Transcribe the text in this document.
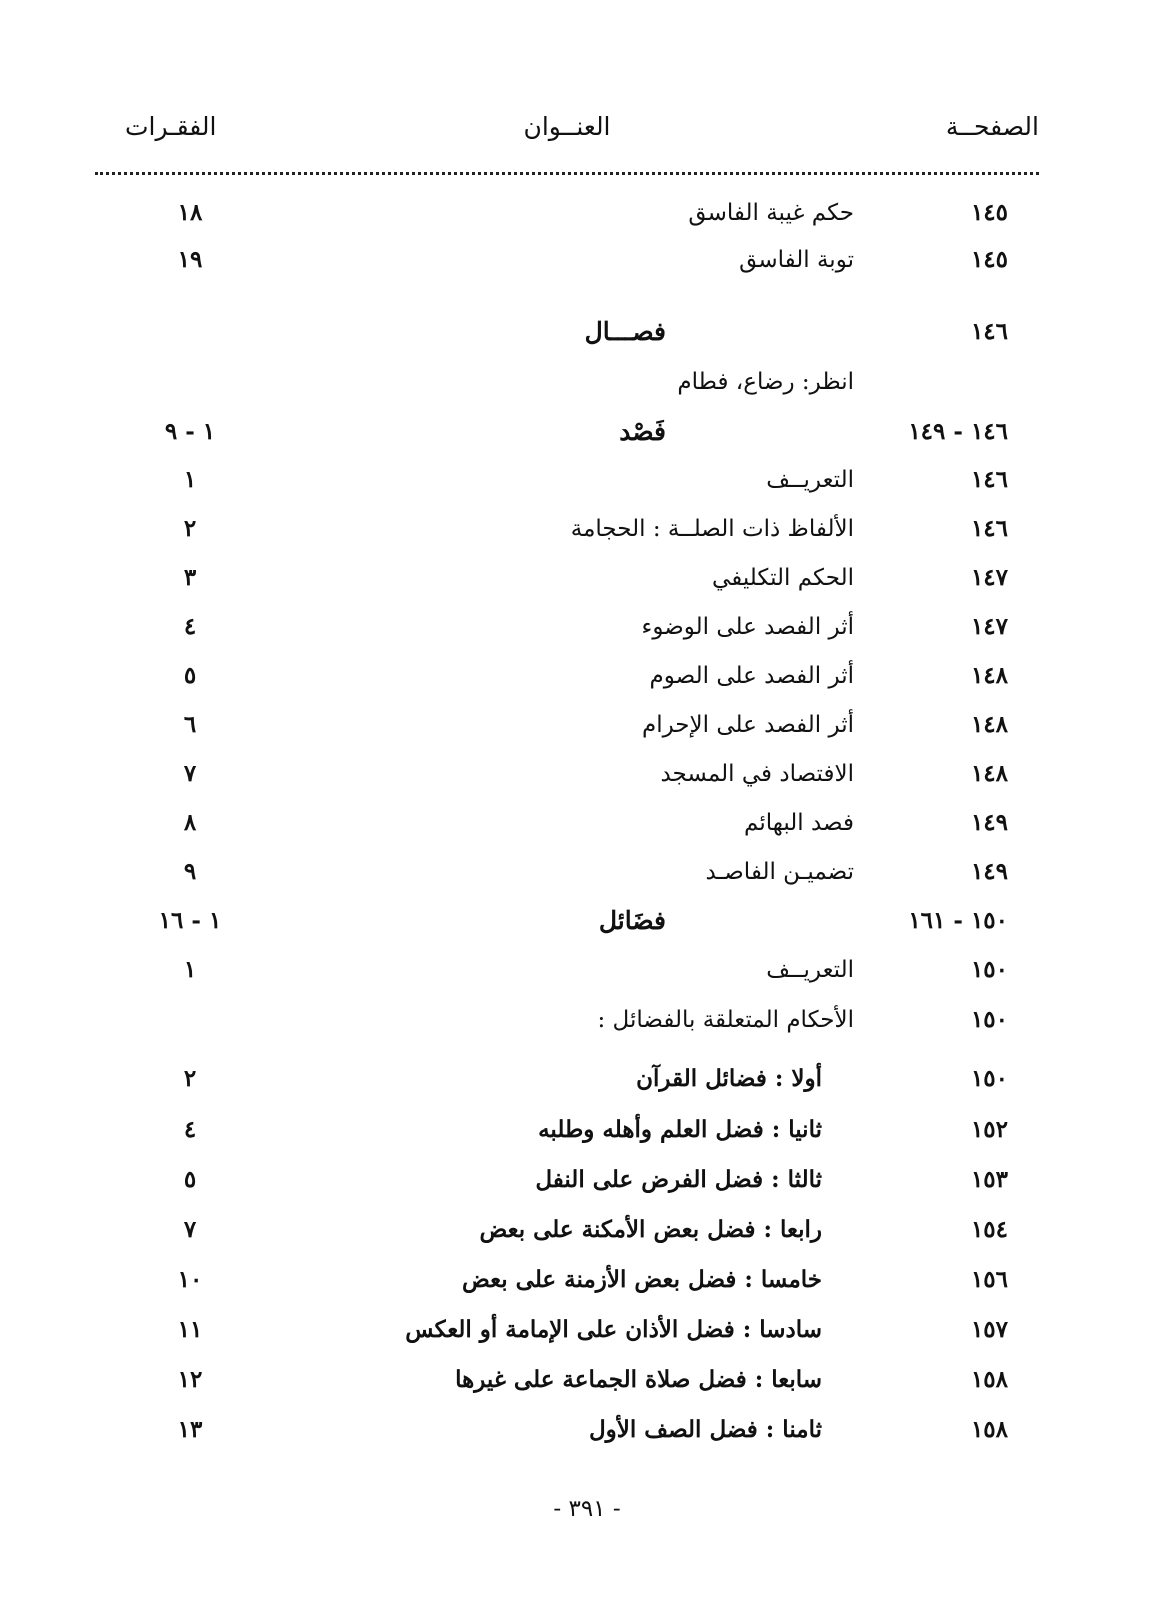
الصفحــة
العنــوان
الفقـرات
١٤٥
حكم غيبة الفاسق
١٨
١٤٥
توبة الفاسق
١٩
١٤٦
فصـــال
انظر: رضاع، فطام
١٤٦ - ١٤٩
فَصْد
١ - ٩
١٤٦
التعريــف
١
١٤٦
الألفاظ ذات الصلــة : الحجامة
٢
١٤٧
الحكم التكليفي
٣
١٤٧
أثر الفصد على الوضوء
٤
١٤٨
أثر الفصد على الصوم
٥
١٤٨
أثر الفصد على الإحرام
٦
١٤٨
الافتصاد في المسجد
٧
١٤٩
فصد البهائم
٨
١٤٩
تضميـن الفاصـد
٩
١٥٠ - ١٦١
فضَائل
١ - ١٦
١٥٠
التعريــف
١
١٥٠
الأحكام المتعلقة بالفضائل :
١٥٠
أولا : فضائل القرآن
٢
١٥٢
ثانيا : فضل العلم وأهله وطلبه
٤
١٥٣
ثالثا : فضل الفرض على النفل
٥
١٥٤
رابعا : فضل بعض الأمكنة على بعض
٧
١٥٦
خامسا : فضل بعض الأزمنة على بعض
١٠
١٥٧
سادسا : فضل الأذان على الإمامة أو العكس
١١
١٥٨
سابعا : فضل صلاة الجماعة على غيرها
١٢
١٥٨
ثامنا : فضل الصف الأول
١٣
- ٣٩١ -
